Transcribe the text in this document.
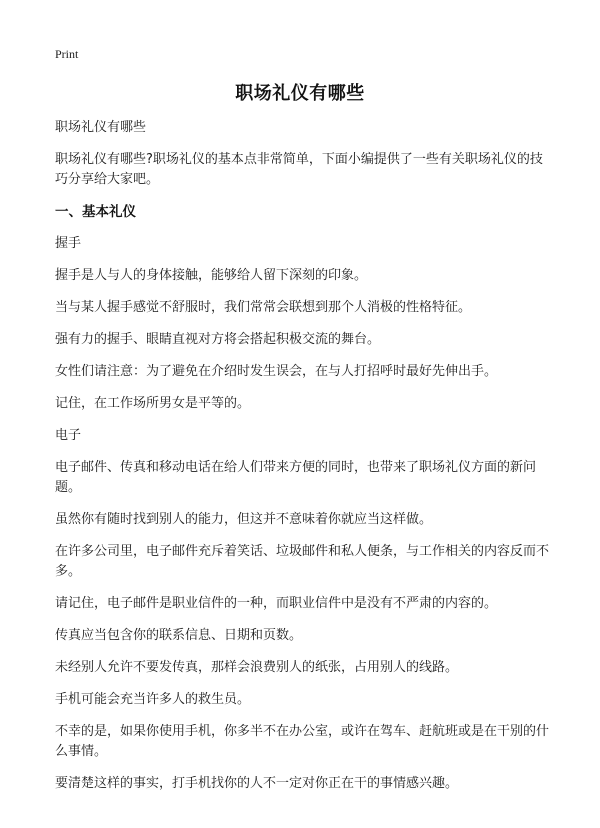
Print
职场礼仪有哪些

职场礼仪有哪些

职场礼仪有哪些?职场礼仪的基本点非常简单，下面小编提供了一些有关职场礼仪的技巧分享给大家吧。

一、基本礼仪

握手

握手是人与人的身体接触，能够给人留下深刻的印象。

当与某人握手感觉不舒服时，我们常常会联想到那个人消极的性格特征。

强有力的握手、眼睛直视对方将会搭起积极交流的舞台。

女性们请注意：为了避免在介绍时发生误会，在与人打招呼时最好先伸出手。

记住，在工作场所男女是平等的。

电子

电子邮件、传真和移动电话在给人们带来方便的同时，也带来了职场礼仪方面的新问题。

虽然你有随时找到别人的能力，但这并不意味着你就应当这样做。

在许多公司里，电子邮件充斥着笑话、垃圾邮件和私人便条，与工作相关的内容反而不多。

请记住，电子邮件是职业信件的一种，而职业信件中是没有不严肃的内容的。

传真应当包含你的联系信息、日期和页数。

未经别人允许不要发传真，那样会浪费别人的纸张，占用别人的线路。

手机可能会充当许多人的救生员。

不幸的是，如果你使用手机，你多半不在办公室，或许在驾车、赶航班或是在干别的什么事情。

要清楚这样的事实，打手机找你的人不一定对你正在干的事情感兴趣。
